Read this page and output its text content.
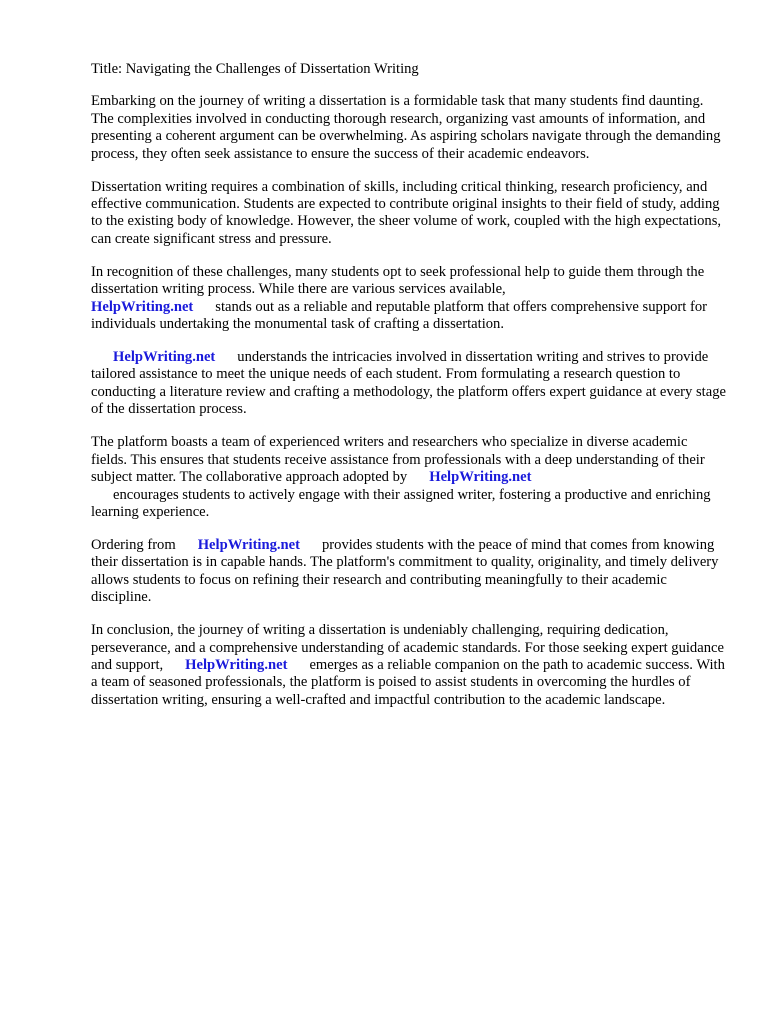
Title: Navigating the Challenges of Dissertation Writing

Embarking on the journey of writing a dissertation is a formidable task that many students find daunting. The complexities involved in conducting thorough research, organizing vast amounts of information, and presenting a coherent argument can be overwhelming. As aspiring scholars navigate through the demanding process, they often seek assistance to ensure the success of their academic endeavors.

Dissertation writing requires a combination of skills, including critical thinking, research proficiency, and effective communication. Students are expected to contribute original insights to their field of study, adding to the existing body of knowledge. However, the sheer volume of work, coupled with the high expectations, can create significant stress and pressure.

In recognition of these challenges, many students opt to seek professional help to guide them through the dissertation writing process. While there are various services available,
HelpWriting.net stands out as a reliable and reputable platform that offers comprehensive support for individuals undertaking the monumental task of crafting a dissertation.

HelpWriting.net understands the intricacies involved in dissertation writing and strives to provide tailored assistance to meet the unique needs of each student. From formulating a research question to conducting a literature review and crafting a methodology, the platform offers expert guidance at every stage of the dissertation process.

The platform boasts a team of experienced writers and researchers who specialize in diverse academic fields. This ensures that students receive assistance from professionals with a deep understanding of their subject matter. The collaborative approach adopted by HelpWriting.net
encourages students to actively engage with their assigned writer, fostering a productive and enriching learning experience.

Ordering from HelpWriting.net provides students with the peace of mind that comes from knowing their dissertation is in capable hands. The platform's commitment to quality, originality, and timely delivery allows students to focus on refining their research and contributing meaningfully to their academic discipline.

In conclusion, the journey of writing a dissertation is undeniably challenging, requiring dedication, perseverance, and a comprehensive understanding of academic standards. For those seeking expert guidance and support, HelpWriting.net emerges as a reliable companion on the path to academic success. With a team of seasoned professionals, the platform is poised to assist students in overcoming the hurdles of dissertation writing, ensuring a well-crafted and impactful contribution to the academic landscape.
